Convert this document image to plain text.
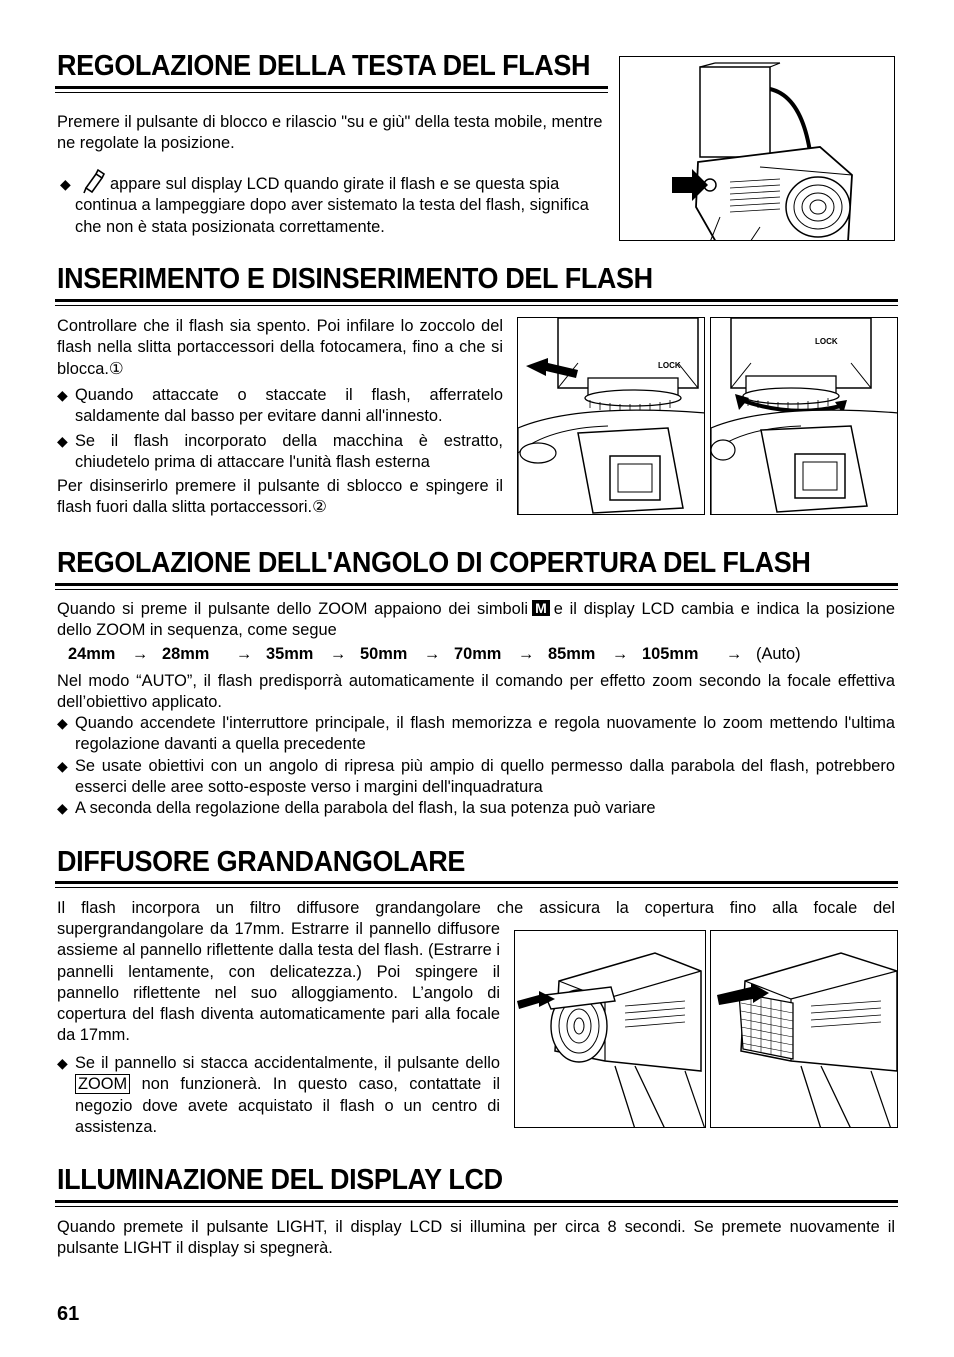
REGOLAZIONE DELLA TESTA DEL FLASH
Premere il pulsante di blocco e rilascio "su e giù" della testa mobile, mentre ne regolate la posizione.
◆	appare sul display LCD quando girate il flash e se questa spia continua a lampeggiare dopo aver sistemato la testa del flash, significa che non è stata posizionata correttamente.
INSERIMENTO E DISINSERIMENTO DEL FLASH
Controllare che il flash sia spento. Poi infilare lo zoccolo del flash nella slitta portaccessori della fotocamera, fino a che si blocca.①
◆ Quando attaccate o staccate il flash, afferratelo saldamente dal basso per evitare danni all'innesto.
◆ Se il flash incorporato della macchina è estratto, chiudetelo prima di attaccare l'unità flash esterna
Per disinserirlo premere il pulsante di sblocco e spingere il flash fuori dalla slitta portaccessori.②
LOCK
LOCK
REGOLAZIONE DELL'ANGOLO DI COPERTURA DEL FLASH
Quando si preme il pulsante dello ZOOM appaiono dei simboli M e il display LCD cambia e indica la posizione dello ZOOM in sequenza, come segue
24mm → 28mm → 35mm → 50mm → 70mm → 85mm → 105mm → (Auto)
Nel modo “AUTO”, il flash predisporrà automaticamente il comando per effetto zoom secondo la focale effettiva dell’obiettivo applicato.
◆ Quando accendete l'interruttore principale, il flash memorizza e regola nuovamente lo zoom mettendo l'ultima regolazione davanti a quella precedente
◆ Se usate obiettivi con un angolo di ripresa più ampio di quello permesso dalla parabola del flash, potrebbero esserci delle aree sotto-esposte verso i margini dell'inquadratura
◆ A seconda della regolazione della parabola del flash, la sua potenza può variare
DIFFUSORE GRANDANGOLARE
Il flash incorpora un filtro diffusore grandangolare che assicura la copertura fino alla focale del
supergrandangolare da 17mm. Estrarre il pannello diffusore assieme al pannello riflettente dalla testa del flash. (Estrarre i pannelli lentamente, con delicatezza.) Poi spingere il pannello riflettente nel suo alloggiamento. L’angolo di copertura del flash diventa automaticamente pari alla focale da 17mm.
◆ Se il pannello si stacca accidentalmente, il pulsante dello ZOOM non funzionerà. In questo caso, contattate il negozio dove avete acquistato il flash o un centro di assistenza.
ILLUMINAZIONE DEL DISPLAY LCD
Quando premete il pulsante LIGHT, il display LCD si illumina per circa 8 secondi. Se premete nuovamente il pulsante LIGHT il display si spegnerà.
61
